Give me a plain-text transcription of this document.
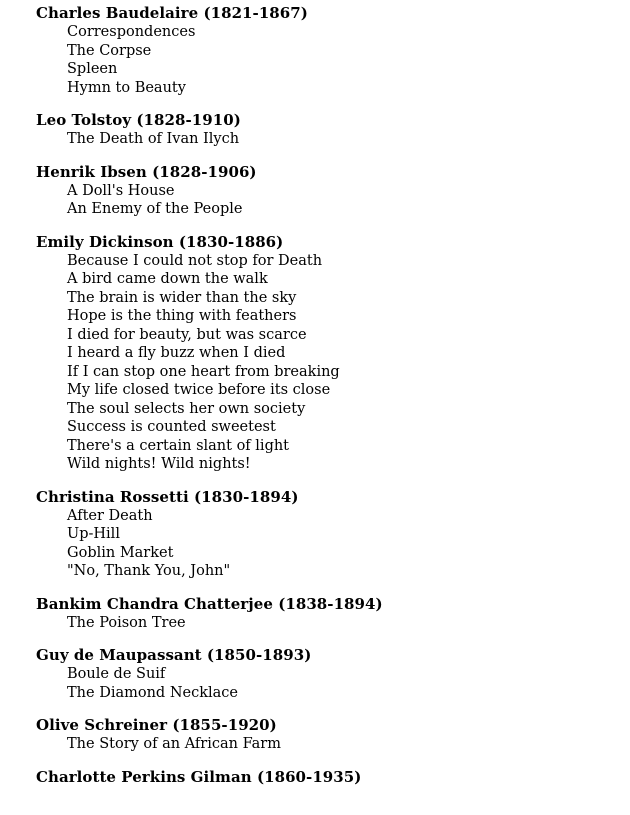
Charles Baudelaire (1821-1867)
Correspondences
The Corpse
Spleen
Hymn to Beauty
Leo Tolstoy (1828-1910)
The Death of Ivan Ilych
Henrik Ibsen (1828-1906)
A Doll's House
An Enemy of the People
Emily Dickinson (1830-1886)
Because I could not stop for Death
A bird came down the walk
The brain is wider than the sky
Hope is the thing with feathers
I died for beauty, but was scarce
I heard a fly buzz when I died
If I can stop one heart from breaking
My life closed twice before its close
The soul selects her own society
Success is counted sweetest
There's a certain slant of light
Wild nights! Wild nights!
Christina Rossetti (1830-1894)
After Death
Up-Hill
Goblin Market
"No, Thank You, John"
Bankim Chandra Chatterjee (1838-1894)
The Poison Tree
Guy de Maupassant (1850-1893)
Boule de Suif
The Diamond Necklace
Olive Schreiner (1855-1920)
The Story of an African Farm
Charlotte Perkins Gilman (1860-1935)
